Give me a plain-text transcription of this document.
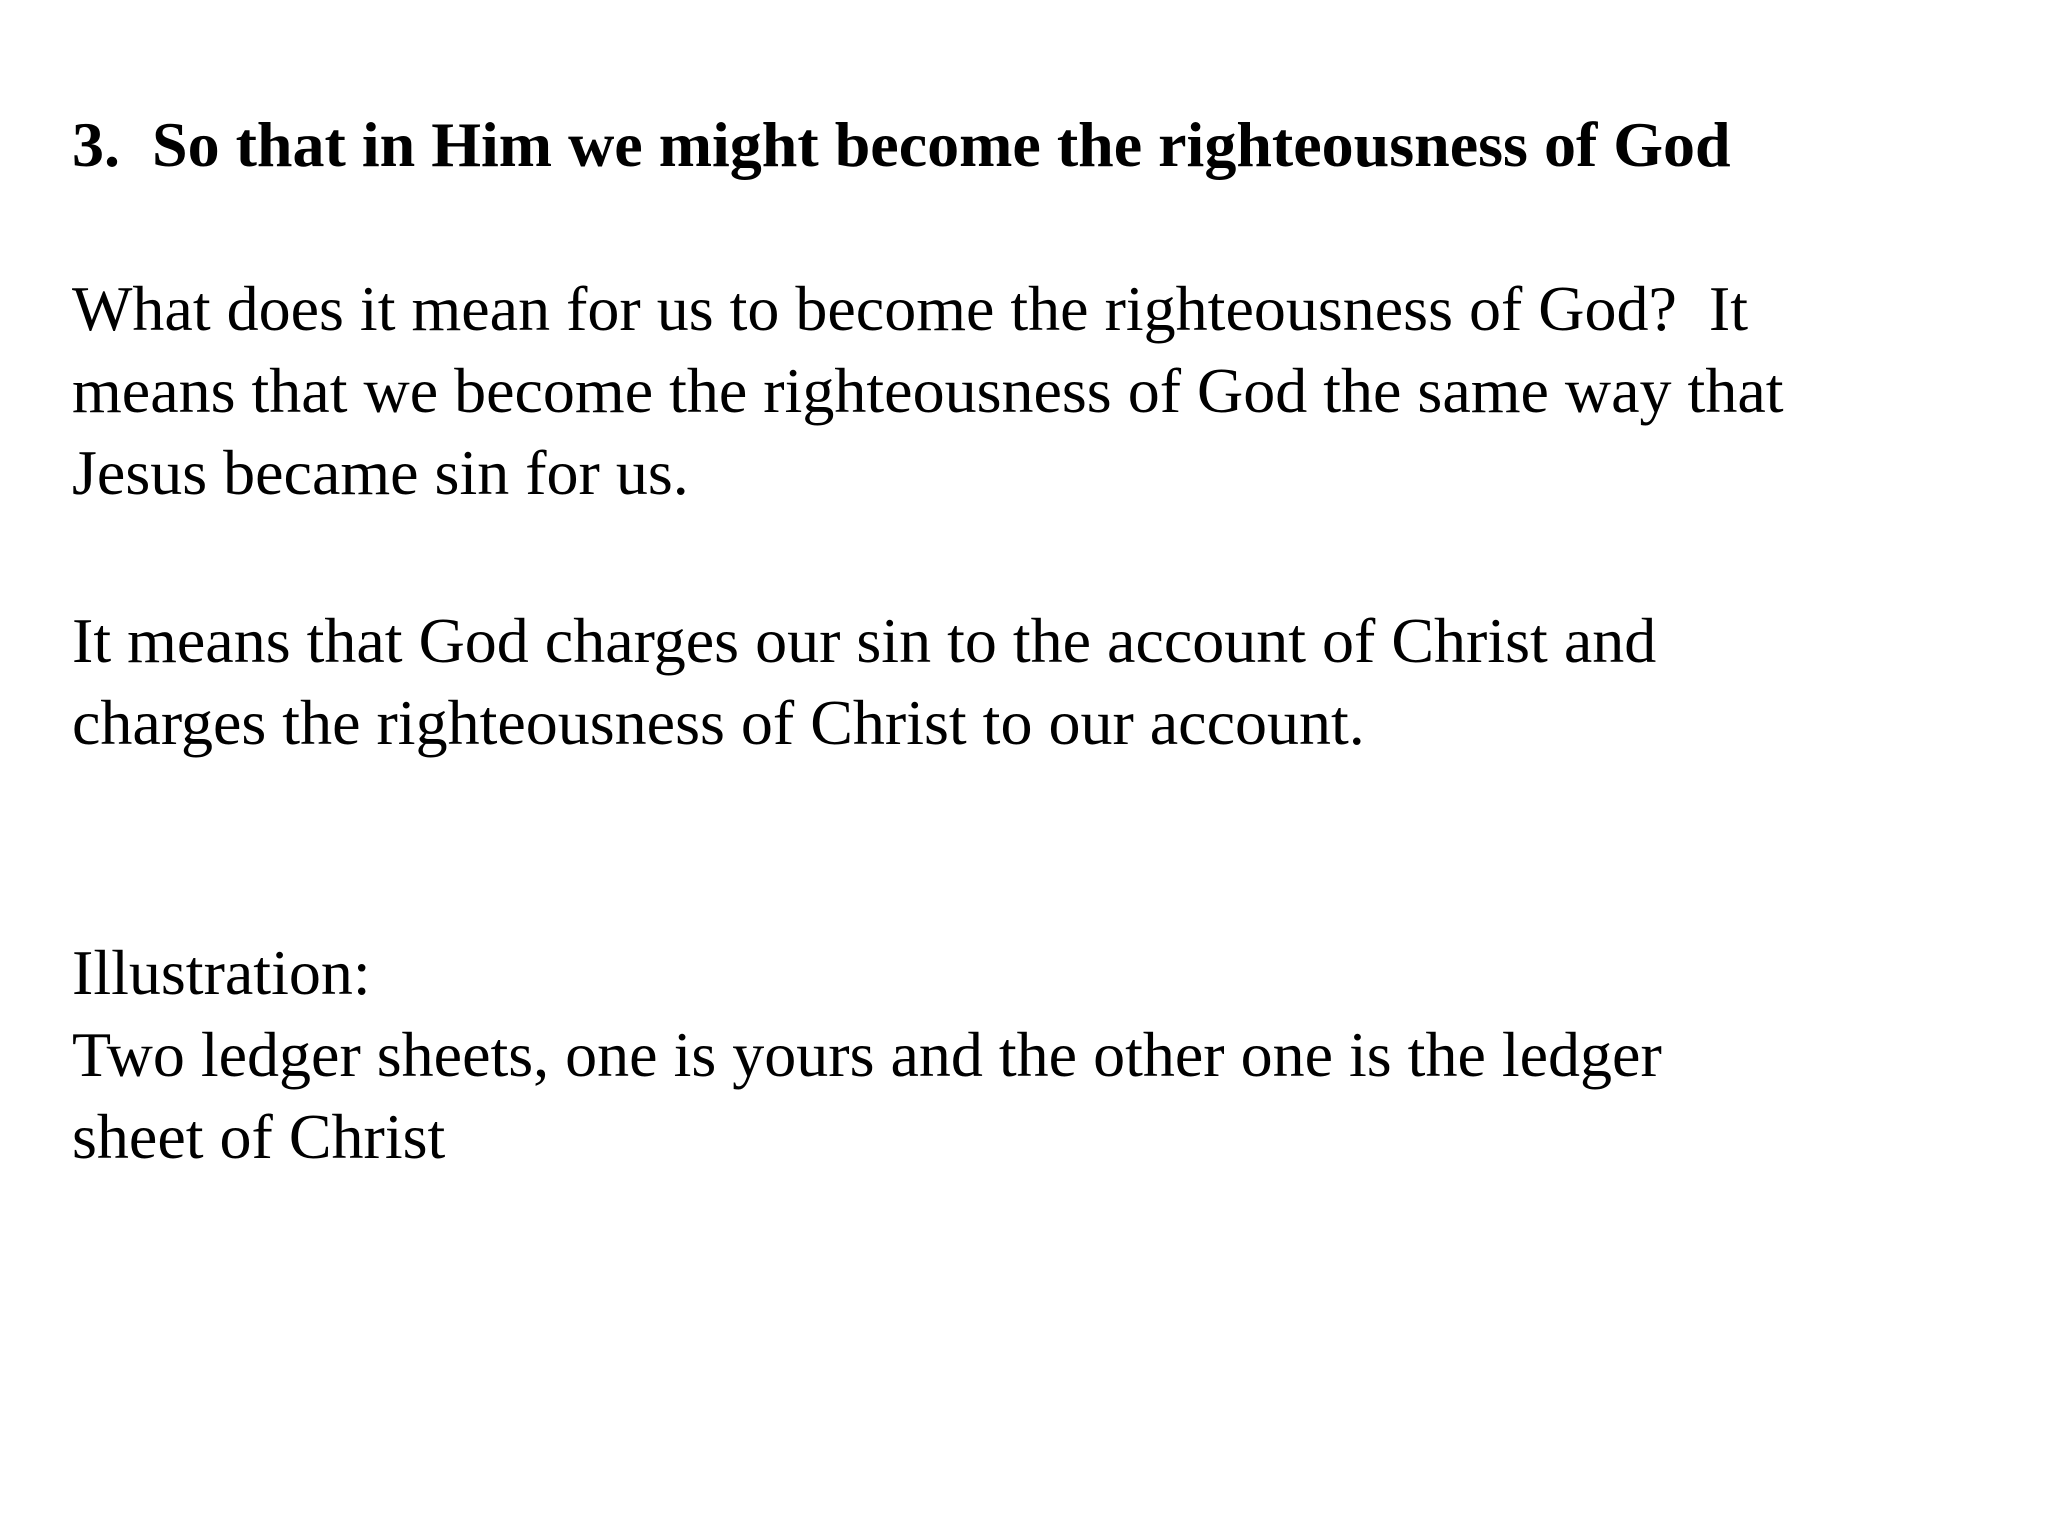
3.  So that in Him we might become the righteousness of God
What does it mean for us to become the righteousness of God?  It
means that we become the righteousness of God the same way that
Jesus became sin for us.
It means that God charges our sin to the account of Christ and
charges the righteousness of Christ to our account.
Illustration:
Two ledger sheets, one is yours and the other one is the ledger
sheet of Christ
